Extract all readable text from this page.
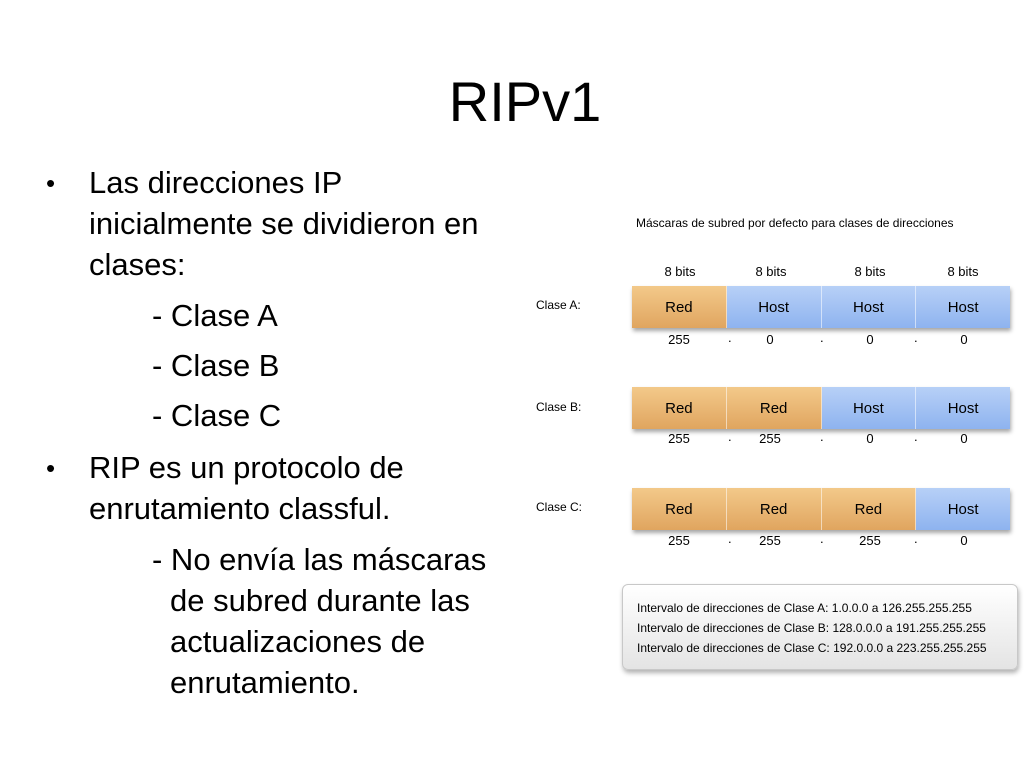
RIPv1
• Las direcciones IP
inicialmente se dividieron en
clases:
- Clase A
- Clase B
- Clase C
• RIP es un protocolo de
enrutamiento classful.
- No envía las máscaras
de subred durante las
actualizaciones de
enrutamiento.
Máscaras de subred por defecto para clases de direcciones
8 bits	8 bits	8 bits	8 bits
Clase A:	Red	Host	Host	Host
255	.	0	.	0	.	0
Clase B:	Red	Red	Host	Host
255	.	255	.	0	.	0
Clase C:	Red	Red	Red	Host
255	.	255	.	255	.	0
Intervalo de direcciones de Clase A: 1.0.0.0 a 126.255.255.255
Intervalo de direcciones de Clase B: 128.0.0.0 a 191.255.255.255
Intervalo de direcciones de Clase C: 192.0.0.0 a 223.255.255.255
